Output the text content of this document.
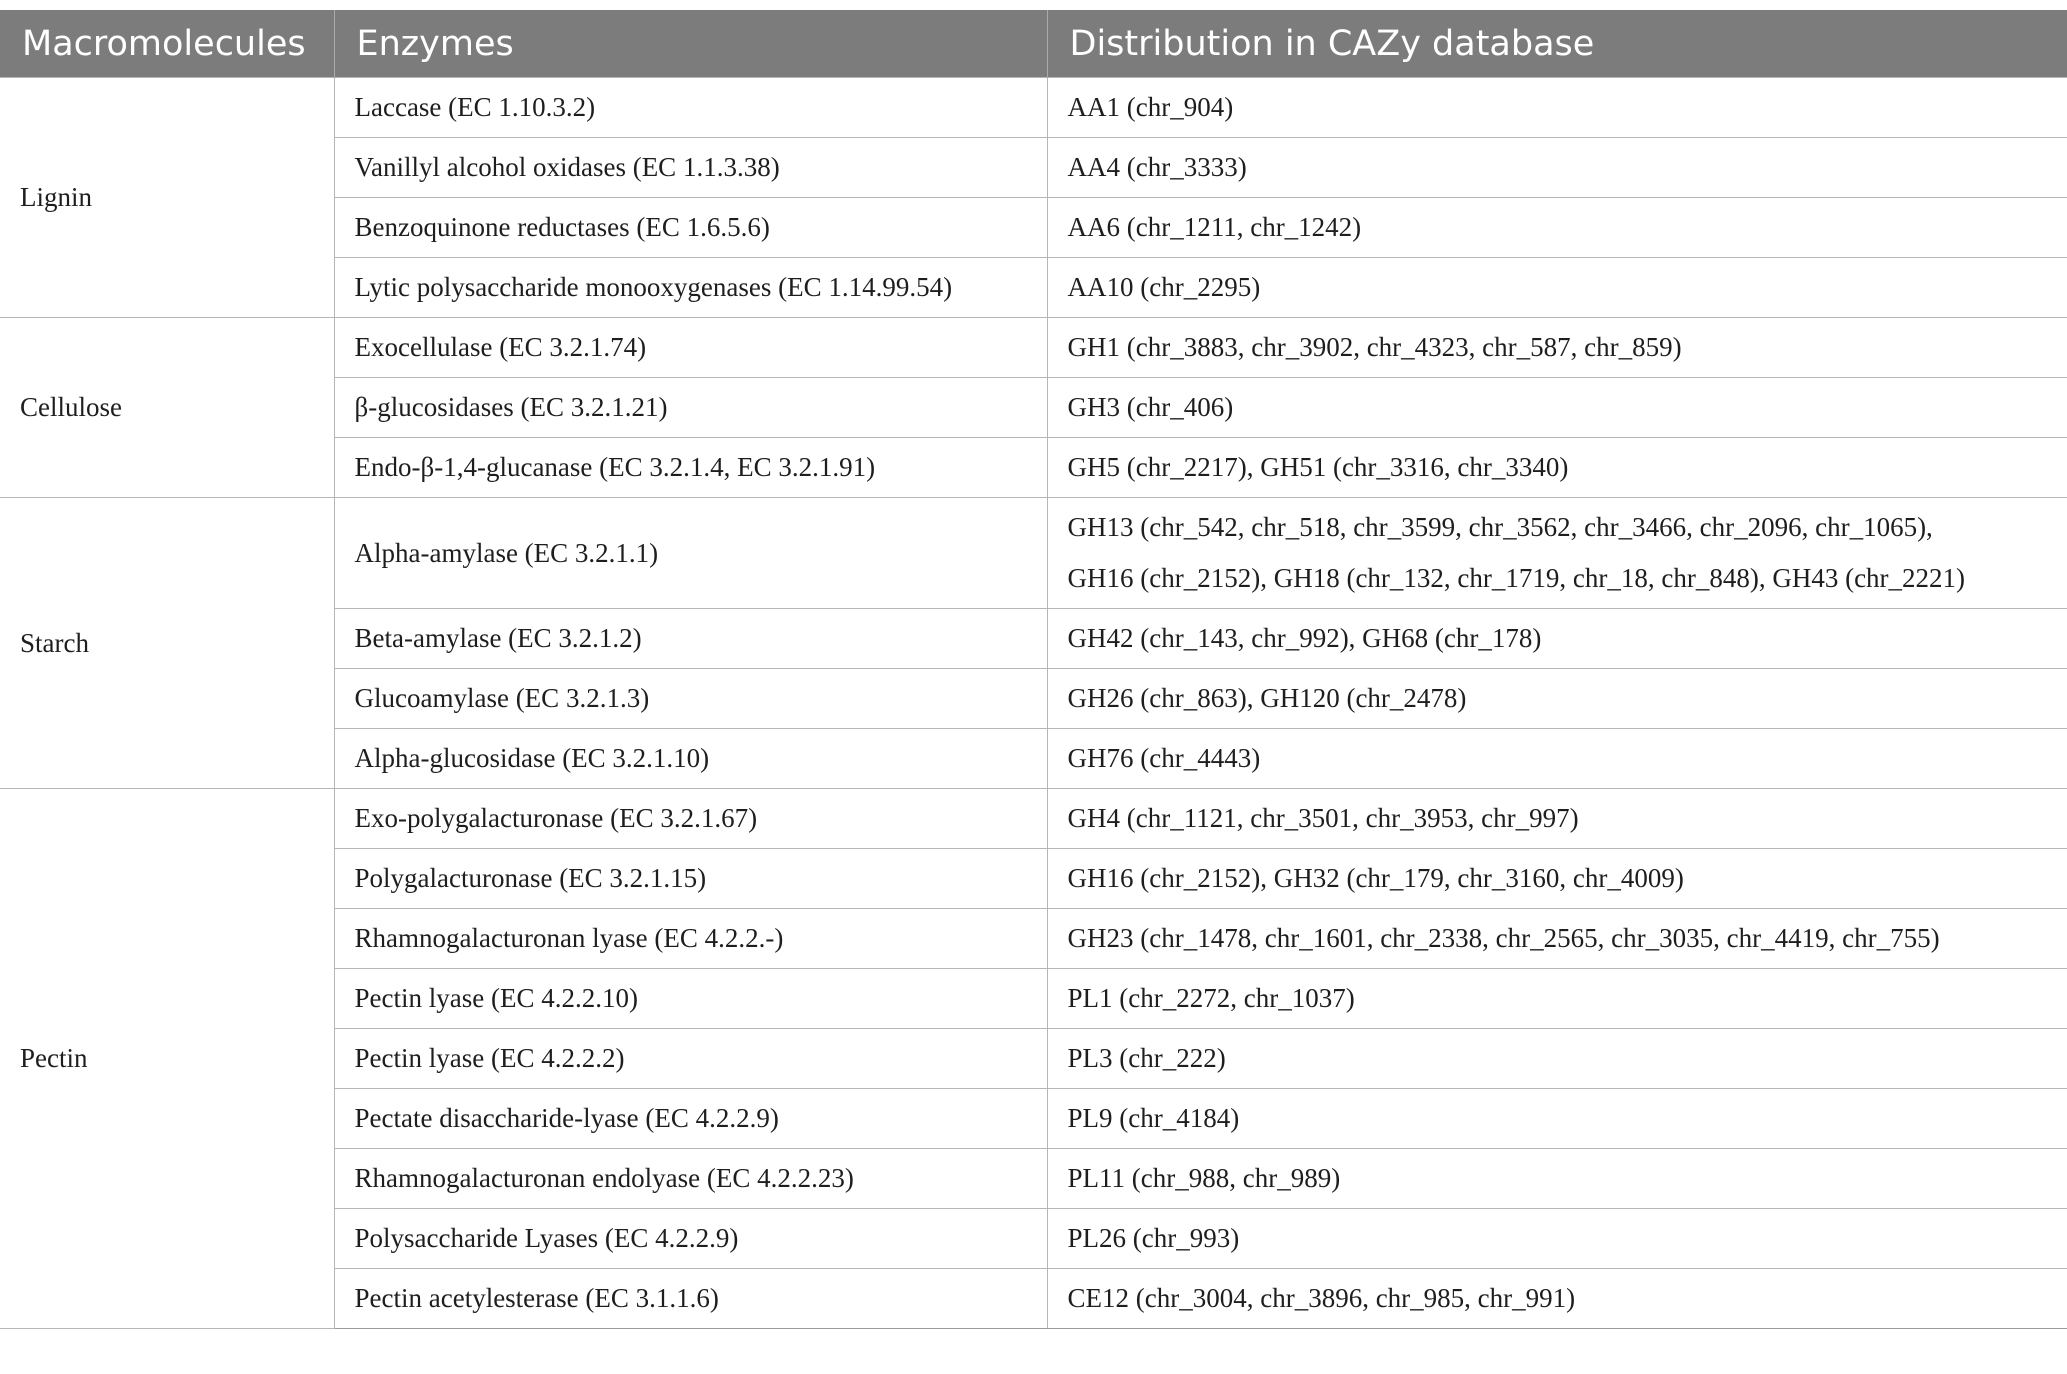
Macromolecules	Enzymes	Distribution in CAZy database
Lignin	Laccase (EC 1.10.3.2)	AA1 (chr_904)

	Vanillyl alcohol oxidases (EC 1.1.3.38)	AA4 (chr_3333)

	Benzoquinone reductases (EC 1.6.5.6)	AA6 (chr_1211, chr_1242)

	Lytic polysaccharide monooxygenases (EC 1.14.99.54)	AA10 (chr_2295)

Cellulose	Exocellulase (EC 3.2.1.74)	GH1 (chr_3883, chr_3902, chr_4323, chr_587, chr_859)

	β-glucosidases (EC 3.2.1.21)	GH3 (chr_406)

	Endo-β-1,4-glucanase (EC 3.2.1.4, EC 3.2.1.91)	GH5 (chr_2217), GH51 (chr_3316, chr_3340)

Starch	Alpha-amylase (EC 3.2.1.1)	GH13 (chr_542, chr_518, chr_3599, chr_3562, chr_3466, chr_2096, chr_1065),
GH16 (chr_2152), GH18 (chr_132, chr_1719, chr_18, chr_848), GH43 (chr_2221)

	Beta-amylase (EC 3.2.1.2)	GH42 (chr_143, chr_992), GH68 (chr_178)

	Glucoamylase (EC 3.2.1.3)	GH26 (chr_863), GH120 (chr_2478)

	Alpha-glucosidase (EC 3.2.1.10)	GH76 (chr_4443)

Pectin	Exo-polygalacturonase (EC 3.2.1.67)	GH4 (chr_1121, chr_3501, chr_3953, chr_997)

	Polygalacturonase (EC 3.2.1.15)	GH16 (chr_2152), GH32 (chr_179, chr_3160, chr_4009)

	Rhamnogalacturonan lyase (EC 4.2.2.-)	GH23 (chr_1478, chr_1601, chr_2338, chr_2565, chr_3035, chr_4419, chr_755)

	Pectin lyase (EC 4.2.2.10)	PL1 (chr_2272, chr_1037)

	Pectin lyase (EC 4.2.2.2)	PL3 (chr_222)

	Pectate disaccharide-lyase (EC 4.2.2.9)	PL9 (chr_4184)

	Rhamnogalacturonan endolyase (EC 4.2.2.23)	PL11 (chr_988, chr_989)

	Polysaccharide Lyases (EC 4.2.2.9)	PL26 (chr_993)

	Pectin acetylesterase (EC 3.1.1.6)	CE12 (chr_3004, chr_3896, chr_985, chr_991)
